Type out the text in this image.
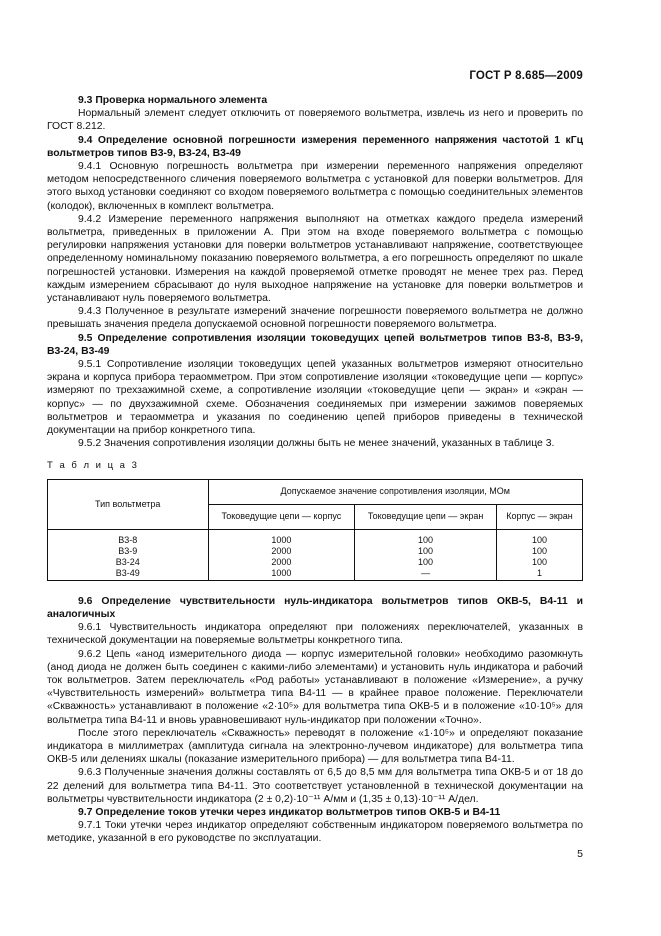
ГОСТ Р 8.685—2009

9.3 Проверка нормального элемента

Нормальный элемент следует отключить от поверяемого вольтметра, извлечь из него и проверить по ГОСТ 8.212.

9.4 Определение основной погрешности измерения переменного напряжения частотой 1 кГц вольтметров типов В3-9, В3-24, В3-49

9.4.1 Основную погрешность вольтметра при измерении переменного напряжения определяют методом непосредственного сличения поверяемого вольтметра с установкой для поверки вольтметров. Для этого выход установки соединяют со входом поверяемого вольтметра с помощью соединительных элементов (колодок), включенных в комплект вольтметра.

9.4.2 Измерение переменного напряжения выполняют на отметках каждого предела измерений вольтметра, приведенных в приложении А. При этом на входе поверяемого вольтметра с помощью регулировки напряжения установки для поверки вольтметров устанавливают напряжение, соответствующее определенному номинальному показанию поверяемого вольтметра, а его погрешность определяют по шкале погрешностей установки. Измерения на каждой проверяемой отметке проводят не менее трех раз. Перед каждым измерением сбрасывают до нуля выходное напряжение на установке для поверки вольтметров и устанавливают нуль поверяемого вольтметра.

9.4.3 Полученное в результате измерений значение погрешности поверяемого вольтметра не должно превышать значения предела допускаемой основной погрешности поверяемого вольтметра.

9.5 Определение сопротивления изоляции токоведущих цепей вольтметров типов В3-8, В3-9, В3-24, В3-49

9.5.1 Сопротивление изоляции токоведущих цепей указанных вольтметров измеряют относительно экрана и корпуса прибора тераомметром. При этом сопротивление изоляции «токоведущие цепи — корпус» измеряют по трехзажимной схеме, а сопротивление изоляции «токоведущие цепи — экран» и «экран — корпус» — по двухзажимной схеме. Обозначения соединяемых при измерении зажимов поверяемых вольтметров и тераомметра и указания по соединению цепей приборов приведены в технической документации на прибор конкретного типа.

9.5.2 Значения сопротивления изоляции должны быть не менее значений, указанных в таблице 3.

Т а б л и ц а 3
Тип вольтметра	Допускаемое значение сопротивления изоляции, МОм		
	Токоведущие цепи — корпус	Токоведущие цепи — экран	Корпус — экран
В3-8	1000	100	100
В3-9	2000	100	100
В3-24	2000	100	100
В3-49	1000	—	1

9.6 Определение чувствительности нуль-индикатора вольтметров типов ОКВ-5, В4-11 и аналогичных

9.6.1 Чувствительность индикатора определяют при положениях переключателей, указанных в технической документации на поверяемые вольтметры конкретного типа.

9.6.2 Цепь «анод измерительного диода — корпус измерительной головки» необходимо разомкнуть (анод диода не должен быть соединен с какими-либо элементами) и установить нуль индикатора и рабочий ток вольтметров. Затем переключатель «Род работы» устанавливают в положение «Измерение», а ручку «Чувствительность измерений» вольтметра типа В4-11 — в крайнее правое положение. Переключатели «Скважность» устанавливают в положение «2·10⁵» для вольтметра типа ОКВ-5 и в положение «10·10⁵» для вольтметра типа В4-11 и вновь уравновешивают нуль-индикатор при положении «Точно».

После этого переключатель «Скважность» переводят в положение «1·10⁵» и определяют показание индикатора в миллиметрах (амплитуда сигнала на электронно-лучевом индикаторе) для вольтметра типа ОКВ-5 или делениях шкалы (показание измерительного прибора) — для вольтметра типа В4-11.

9.6.3 Полученные значения должны составлять от 6,5 до 8,5 мм для вольтметра типа ОКВ-5 и от 18 до 22 делений для вольтметра типа В4-11. Это соответствует установленной в технической документации на вольтметры чувствительности индикатора (2 ± 0,2)·10⁻¹¹ А/мм и (1,35 ± 0,13)·10⁻¹¹ А/дел.

9.7 Определение токов утечки через индикатор вольтметров типов ОКВ-5 и В4-11

9.7.1 Токи утечки через индикатор определяют собственным индикатором поверяемого вольтметра по методике, указанной в его руководстве по эксплуатации.

5
